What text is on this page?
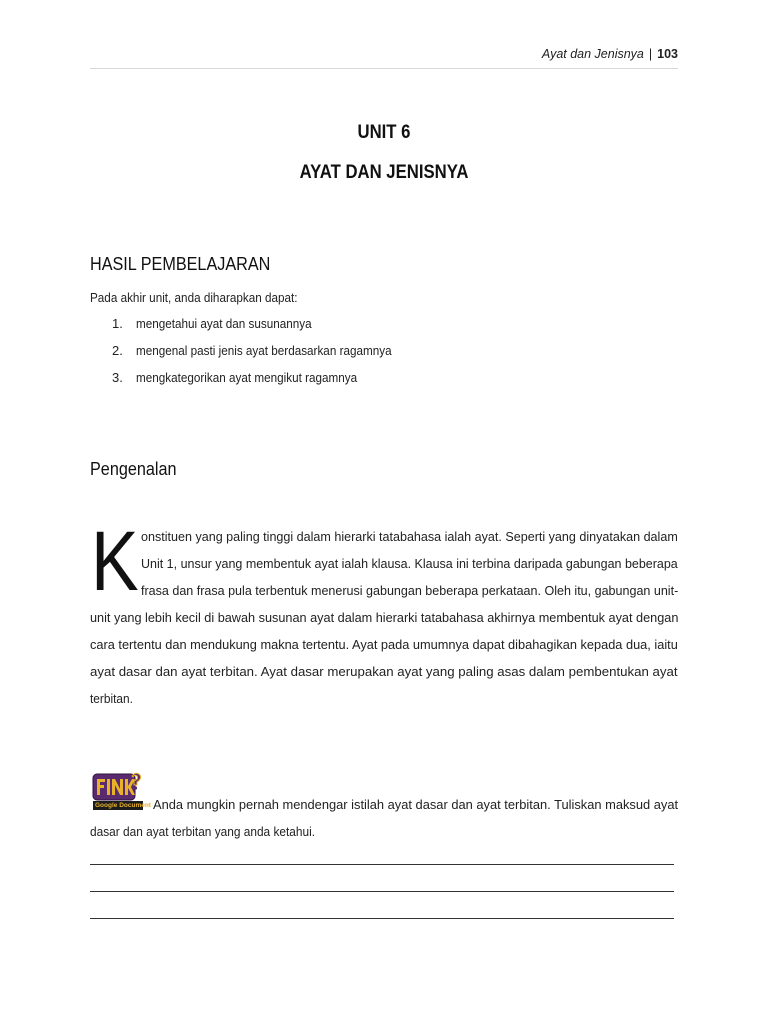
Ayat dan Jenisnya | 103
UNIT 6
AYAT DAN JENISNYA
HASIL PEMBELAJARAN
Pada akhir unit, anda diharapkan dapat:
1. mengetahui ayat dan susunannya
2. mengenal pasti jenis ayat berdasarkan ragamnya
3. mengkategorikan ayat mengikut ragamnya
Pengenalan
K onstituen yang paling tinggi dalam hierarki tatabahasa ialah ayat. Seperti yang dinyatakan dalam
Unit 1, unsur yang membentuk ayat ialah klausa. Klausa ini terbina daripada gabungan beberapa
frasa dan frasa pula terbentuk menerusi gabungan beberapa perkataan. Oleh itu, gabungan unit-
unit yang lebih kecil di bawah susunan ayat dalam hierarki tatabahasa akhirnya membentuk ayat dengan
cara tertentu dan mendukung makna tertentu. Ayat pada umumnya dapat dibahagikan kepada dua, iaitu
ayat dasar dan ayat terbitan. Ayat dasar merupakan ayat yang paling asas dalam pembentukan ayat
terbitan.
Google Document Anda mungkin pernah mendengar istilah ayat dasar dan ayat terbitan. Tuliskan maksud ayat
dasar dan ayat terbitan yang anda ketahui.
